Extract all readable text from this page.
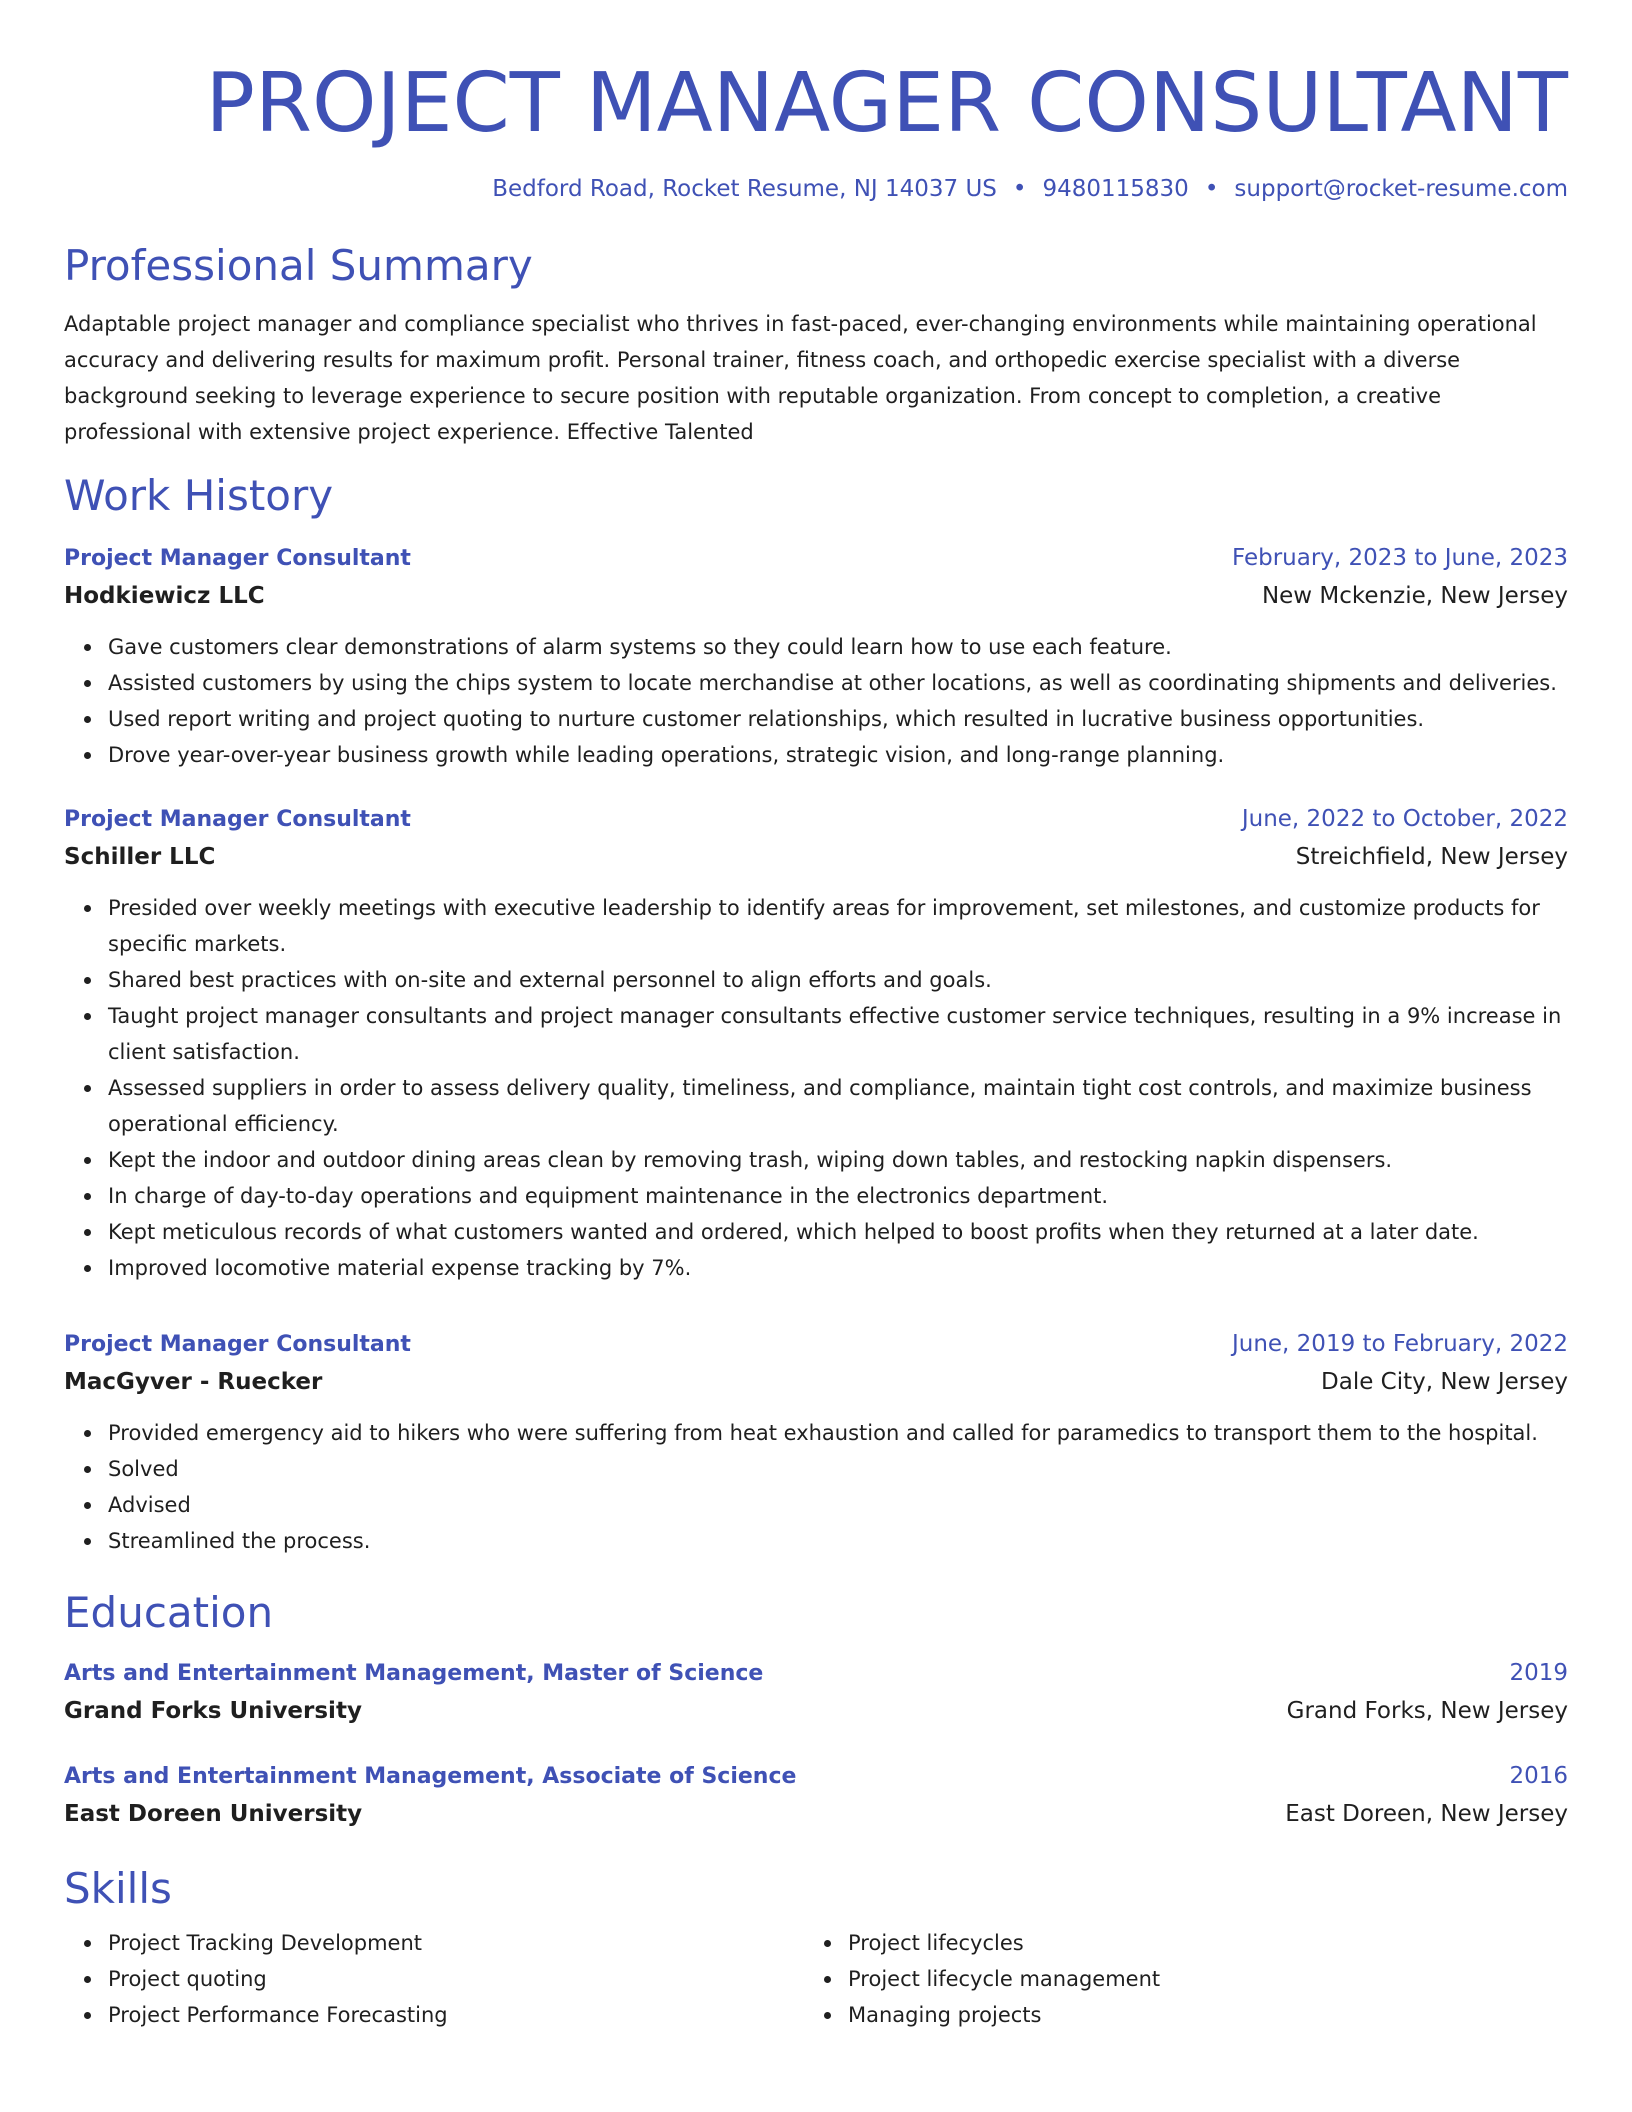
PROJECT MANAGER CONSULTANT
Bedford Road, Rocket Resume, NJ 14037 US • 9480115830 • support@rocket-resume.com
Professional Summary
Adaptable project manager and compliance specialist who thrives in fast-paced, ever-changing environments while maintaining operational accuracy and delivering results for maximum profit. Personal trainer, fitness coach, and orthopedic exercise specialist with a diverse background seeking to leverage experience to secure position with reputable organization. From concept to completion, a creative professional with extensive project experience. Effective Talented
Work History
Project Manager Consultant	February, 2023 to June, 2023
Hodkiewicz LLC	New Mckenzie, New Jersey
Gave customers clear demonstrations of alarm systems so they could learn how to use each feature.
Assisted customers by using the chips system to locate merchandise at other locations, as well as coordinating shipments and deliveries.
Used report writing and project quoting to nurture customer relationships, which resulted in lucrative business opportunities.
Drove year-over-year business growth while leading operations, strategic vision, and long-range planning.
Project Manager Consultant	June, 2022 to October, 2022
Schiller LLC	Streichfield, New Jersey
Presided over weekly meetings with executive leadership to identify areas for improvement, set milestones, and customize products for specific markets.
Shared best practices with on-site and external personnel to align efforts and goals.
Taught project manager consultants and project manager consultants effective customer service techniques, resulting in a 9% increase in client satisfaction.
Assessed suppliers in order to assess delivery quality, timeliness, and compliance, maintain tight cost controls, and maximize business operational efficiency.
Kept the indoor and outdoor dining areas clean by removing trash, wiping down tables, and restocking napkin dispensers.
In charge of day-to-day operations and equipment maintenance in the electronics department.
Kept meticulous records of what customers wanted and ordered, which helped to boost profits when they returned at a later date.
Improved locomotive material expense tracking by 7%.
Project Manager Consultant	June, 2019 to February, 2022
MacGyver - Ruecker	Dale City, New Jersey
Provided emergency aid to hikers who were suffering from heat exhaustion and called for paramedics to transport them to the hospital.
Solved
Advised
Streamlined the process.
Education
Arts and Entertainment Management, Master of Science	2019
Grand Forks University	Grand Forks, New Jersey
Arts and Entertainment Management, Associate of Science	2016
East Doreen University	East Doreen, New Jersey
Skills
Project Tracking Development
Project quoting
Project Performance Forecasting
Project lifecycles
Project lifecycle management
Managing projects
